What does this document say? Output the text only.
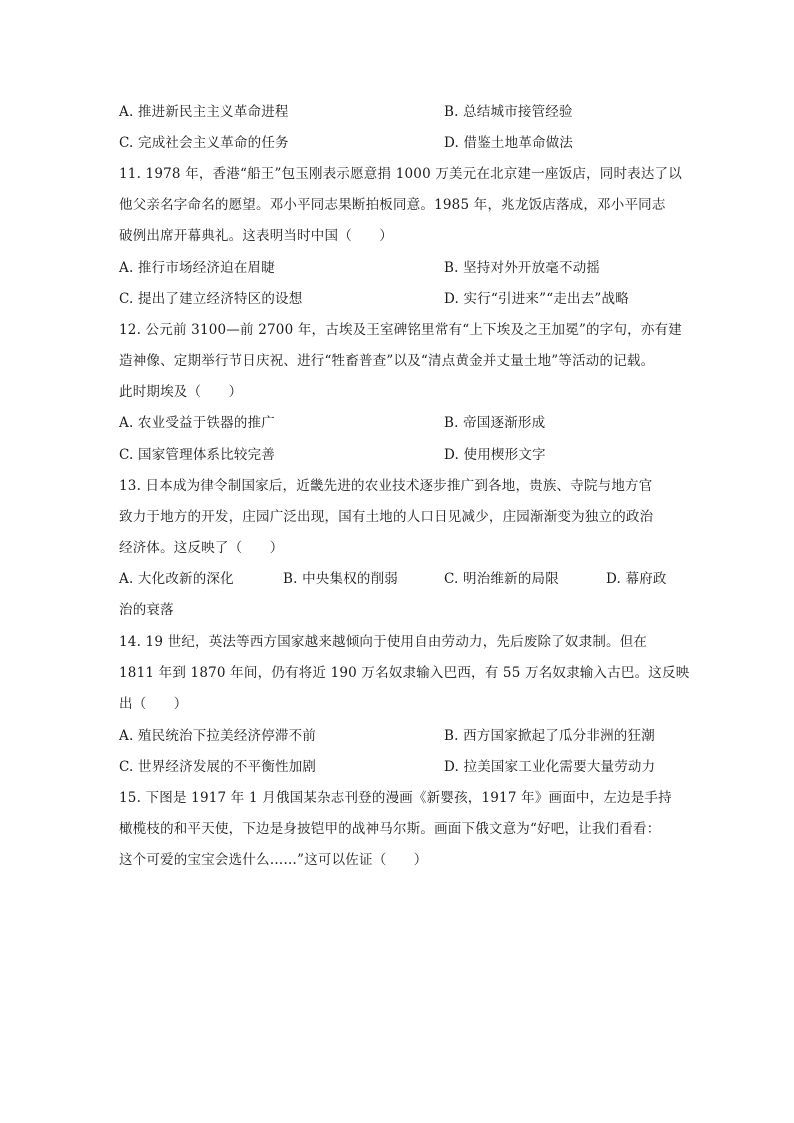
A. 推进新民主主义革命进程	B. 总结城市接管经验
C. 完成社会主义革命的任务	D. 借鉴土地革命做法
11. 1978 年，香港“船王”包玉刚表示愿意捐 1000 万美元在北京建一座饭店，同时表达了以
他父亲名字命名的愿望。邓小平同志果断拍板同意。1985 年，兆龙饭店落成，邓小平同志
破例出席开幕典礼。这表明当时中国（　　）
A. 推行市场经济迫在眉睫	B. 坚持对外开放毫不动摇
C. 提出了建立经济特区的设想	D. 实行“引进来”“走出去”战略
12. 公元前 3100—前 2700 年，古埃及王室碑铭里常有“上下埃及之王加冕”的字句，亦有建
造神像、定期举行节日庆祝、进行“牲畜普查”以及“清点黄金并丈量土地”等活动的记载。
此时期埃及（　　）
A. 农业受益于铁器的推广	B. 帝国逐渐形成
C. 国家管理体系比较完善	D. 使用楔形文字
13. 日本成为律令制国家后，近畿先进的农业技术逐步推广到各地，贵族、寺院与地方官
致力于地方的开发，庄园广泛出现，国有土地的人口日见减少，庄园渐渐变为独立的政治
经济体。这反映了（　　）
A. 大化改新的深化	B. 中央集权的削弱	C. 明治维新的局限	D. 幕府政
治的衰落
14. 19 世纪，英法等西方国家越来越倾向于使用自由劳动力，先后废除了奴隶制。但在
1811 年到 1870 年间，仍有将近 190 万名奴隶输入巴西，有 55 万名奴隶输入古巴。这反映
出（　　）
A. 殖民统治下拉美经济停滞不前	B. 西方国家掀起了瓜分非洲的狂潮
C. 世界经济发展的不平衡性加剧	D. 拉美国家工业化需要大量劳动力
15. 下图是 1917 年 1 月俄国某杂志刊登的漫画《新婴孩，1917 年》画面中，左边是手持
橄榄枝的和平天使，下边是身披铠甲的战神马尔斯。画面下俄文意为“好吧，让我们看看：
这个可爱的宝宝会选什么……”这可以佐证（　　）
